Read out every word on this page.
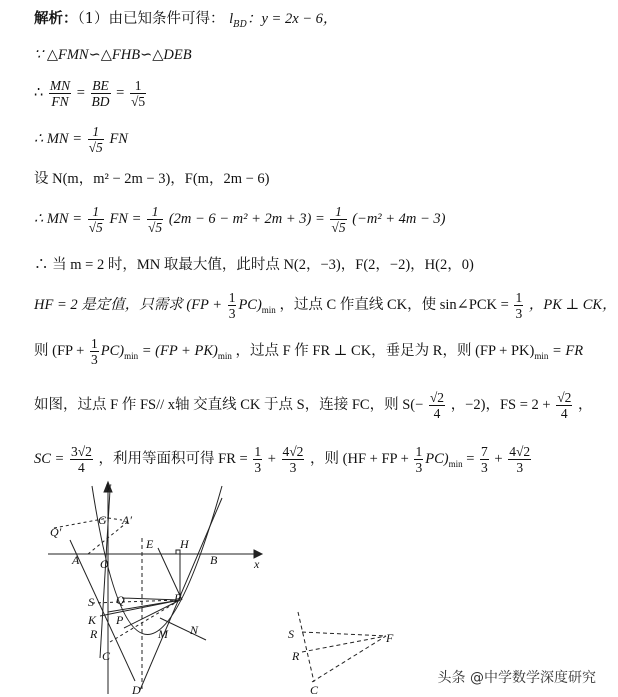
解析：（1）由已知条件可得： $l_{BD}$：y = 2x − 6，
∵ △FMN∽△FHB∽△DEB
∴ $\frac{MN}{FN} = \frac{BE}{BD} = \frac{1}{√5}$
∴ MN = $\frac{1}{√5}$ FN
设 N(m，m² − 2m − 3)，F(m，2m − 6)
∴ MN = $\frac{1}{√5}$ FN = $\frac{1}{√5} (2m - 6 - m^2 + 2m + 3) = \frac{1}{√5} (-m^2 + 4m - 3)$
∴ 当 m = 2 时，MN 取最大值，此时点 N(2，−3)，F(2，−2)，H(2，0)
HF = 2 是定值，只需求 $(FP + \frac{1}{3} PC)_{min}$ ，过点 C 作直线 CK，使 sin∠PCK = $\frac{1}{3}$ ，PK ⊥ CK，
则 $(FP + \frac{1}{3} PC)_{min} = (FP + PK)_{min}$ ，过点 F 作 FR ⊥ CK，垂足为 R，则 $(FP + PK)_{min}$ = FR
如图，过点 F 作 FS// x轴 交直线 CK 于点 S，连接 FC，则 $S(- \frac{√2}{4}$ ，−2)，FS = $2 + \frac{√2}{4}$ ，
SC = $\frac{3√2}{4}$ ，利用等面积可得 FR = $\frac{1}{3} + \frac{4√2}{3}$ ，则 (HF + FP + $\frac{1}{3} PC)_{min} = \frac{7}{3} + \frac{4√2}{3}$
y
x
G A′
Q′
A O
E H
B
S Q	F
K P
R	M N
C
D
S	F
R
C
头条 @中学数学深度研究
